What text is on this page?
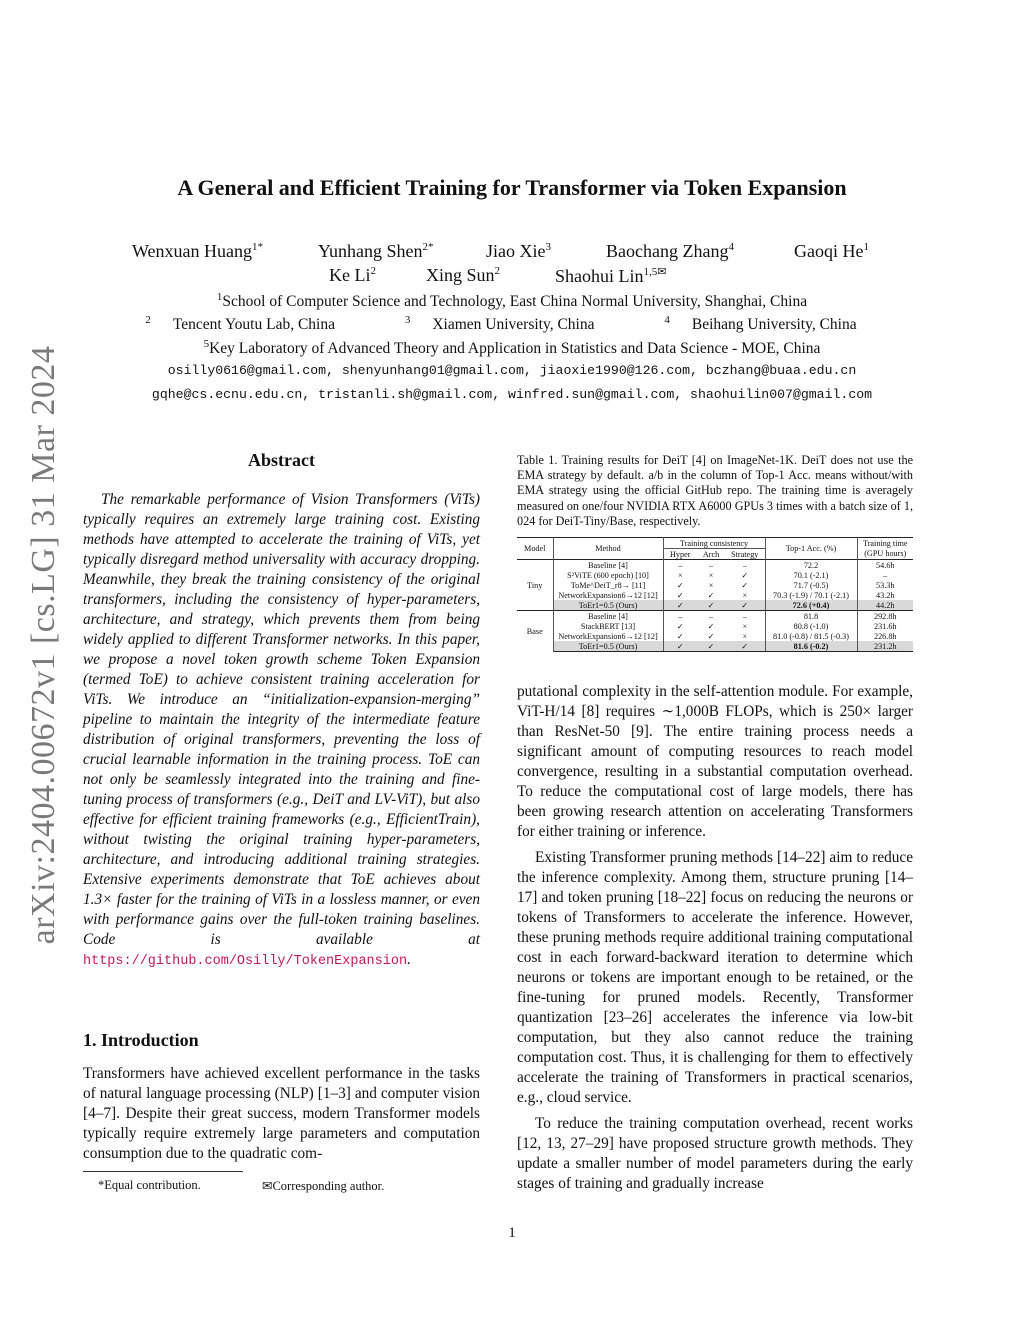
arXiv:2404.00672v1 [cs.LG] 31 Mar 2024
A General and Efficient Training for Transformer via Token Expansion
Wenxuan Huang$^{1*}$	Yunhang Shen$^{2*}$	Jiao Xie$^3$	Baochang Zhang$^4$	Gaoqi He$^1$
Ke Li$^2$	Xing Sun$^2$	Shaohui Lin$^{1,5✉}$
$^1$School of Computer Science and Technology, East China Normal University, Shanghai, China
$^2$ Tencent Youtu Lab, China	$^3$ Xiamen University, China	$^4$ Beihang University, China
$^5$Key Laboratory of Advanced Theory and Application in Statistics and Data Science - MOE, China
osilly0616@gmail.com, shenyunhang01@gmail.com, jiaoxie1990@126.com, bczhang@buaa.edu.cn
gqhe@cs.ecnu.edu.cn, tristanli.sh@gmail.com, winfred.sun@gmail.com, shaohuilin007@gmail.com
Abstract
The remarkable performance of Vision Transformers (ViTs) typically requires an extremely large training cost. Existing methods have attempted to accelerate the training of ViTs, yet typically disregard method universality with accuracy dropping. Meanwhile, they break the training consistency of the original transformers, including the consistency of hyper-parameters, architecture, and strategy, which prevents them from being widely applied to different Transformer networks. In this paper, we propose a novel token growth scheme Token Expansion (termed ToE) to achieve consistent training acceleration for ViTs. We introduce an “initialization-expansion-merging” pipeline to maintain the integrity of the intermediate feature distribution of original transformers, preventing the loss of crucial learnable information in the training process. ToE can not only be seamlessly integrated into the training and fine-tuning process of transformers (e.g., DeiT and LV-ViT), but also effective for efficient training frameworks (e.g., EfficientTrain), without twisting the original training hyper-parameters, architecture, and introducing additional training strategies. Extensive experiments demonstrate that ToE achieves about 1.3× faster for the training of ViTs in a lossless manner, or even with performance gains over the full-token training baselines. Code is available at https://github.com/Osilly/TokenExpansion.
1. Introduction
Transformers have achieved excellent performance in the tasks of natural language processing (NLP) [1–3] and computer vision [4–7]. Despite their great success, modern Transformer models typically require extremely large parameters and computation consumption due to the quadratic com-
*Equal contribution.	✉Corresponding author.
Table 1. Training results for DeiT [4] on ImageNet-1K. DeiT does not use the EMA strategy by default. a/b in the column of Top-1 Acc. means without/with EMA strategy using the official GitHub repo. The training time is averagely measured on one/four NVIDIA RTX A6000 GPUs 3 times with a batch size of 1, 024 for DeiT-Tiny/Base, respectively.
Model	Method	Training consistency			Top-1 Acc. (%)	Training time
		Hyper	Arch	Strategy		(GPU hours)
Tiny	Baseline [4]	–	–	–	72.2	54.6h
	S²ViTE (600 epoch) [10]	×	×	✓	70.1 (-2.1)	–
	ToMe^DeiT_r8→ [11]	✓	×	✓	71.7 (-0.5)	53.3h
	NetworkExpansion6→12 [12]	✓	✓	×	70.3 (-1.9) / 70.1 (-2.1)	43.2h
	ToEr1=0.5 (Ours)	✓	✓	✓	72.6 (+0.4)	44.2h
Base	Baseline [4]	–	–	–	81.8	292.8h
	StackBERT [13]	✓	✓	×	80.8 (-1.0)	231.6h
	NetworkExpansion6→12 [12]	✓	✓	×	81.0 (-0.8) / 81.5 (-0.3)	226.8h
	ToEr1=0.5 (Ours)	✓	✓	✓	81.6 (-0.2)	231.2h

putational complexity in the self-attention module. For example, ViT-H/14 [8] requires ∼1,000B FLOPs, which is 250× larger than ResNet-50 [9]. The entire training process needs a significant amount of computing resources to reach model convergence, resulting in a substantial computation overhead. To reduce the computational cost of large models, there has been growing research attention on accelerating Transformers for either training or inference.

Existing Transformer pruning methods [14–22] aim to reduce the inference complexity. Among them, structure pruning [14–17] and token pruning [18–22] focus on reducing the neurons or tokens of Transformers to accelerate the inference. However, these pruning methods require additional training computational cost in each forward-backward iteration to determine which neurons or tokens are important enough to be retained, or the fine-tuning for pruned models. Recently, Transformer quantization [23–26] accelerates the inference via low-bit computation, but they also cannot reduce the training computation cost. Thus, it is challenging for them to effectively accelerate the training of Transformers in practical scenarios, e.g., cloud service.

To reduce the training computation overhead, recent works [12, 13, 27–29] have proposed structure growth methods. They update a smaller number of model parameters during the early stages of training and gradually increase

1
